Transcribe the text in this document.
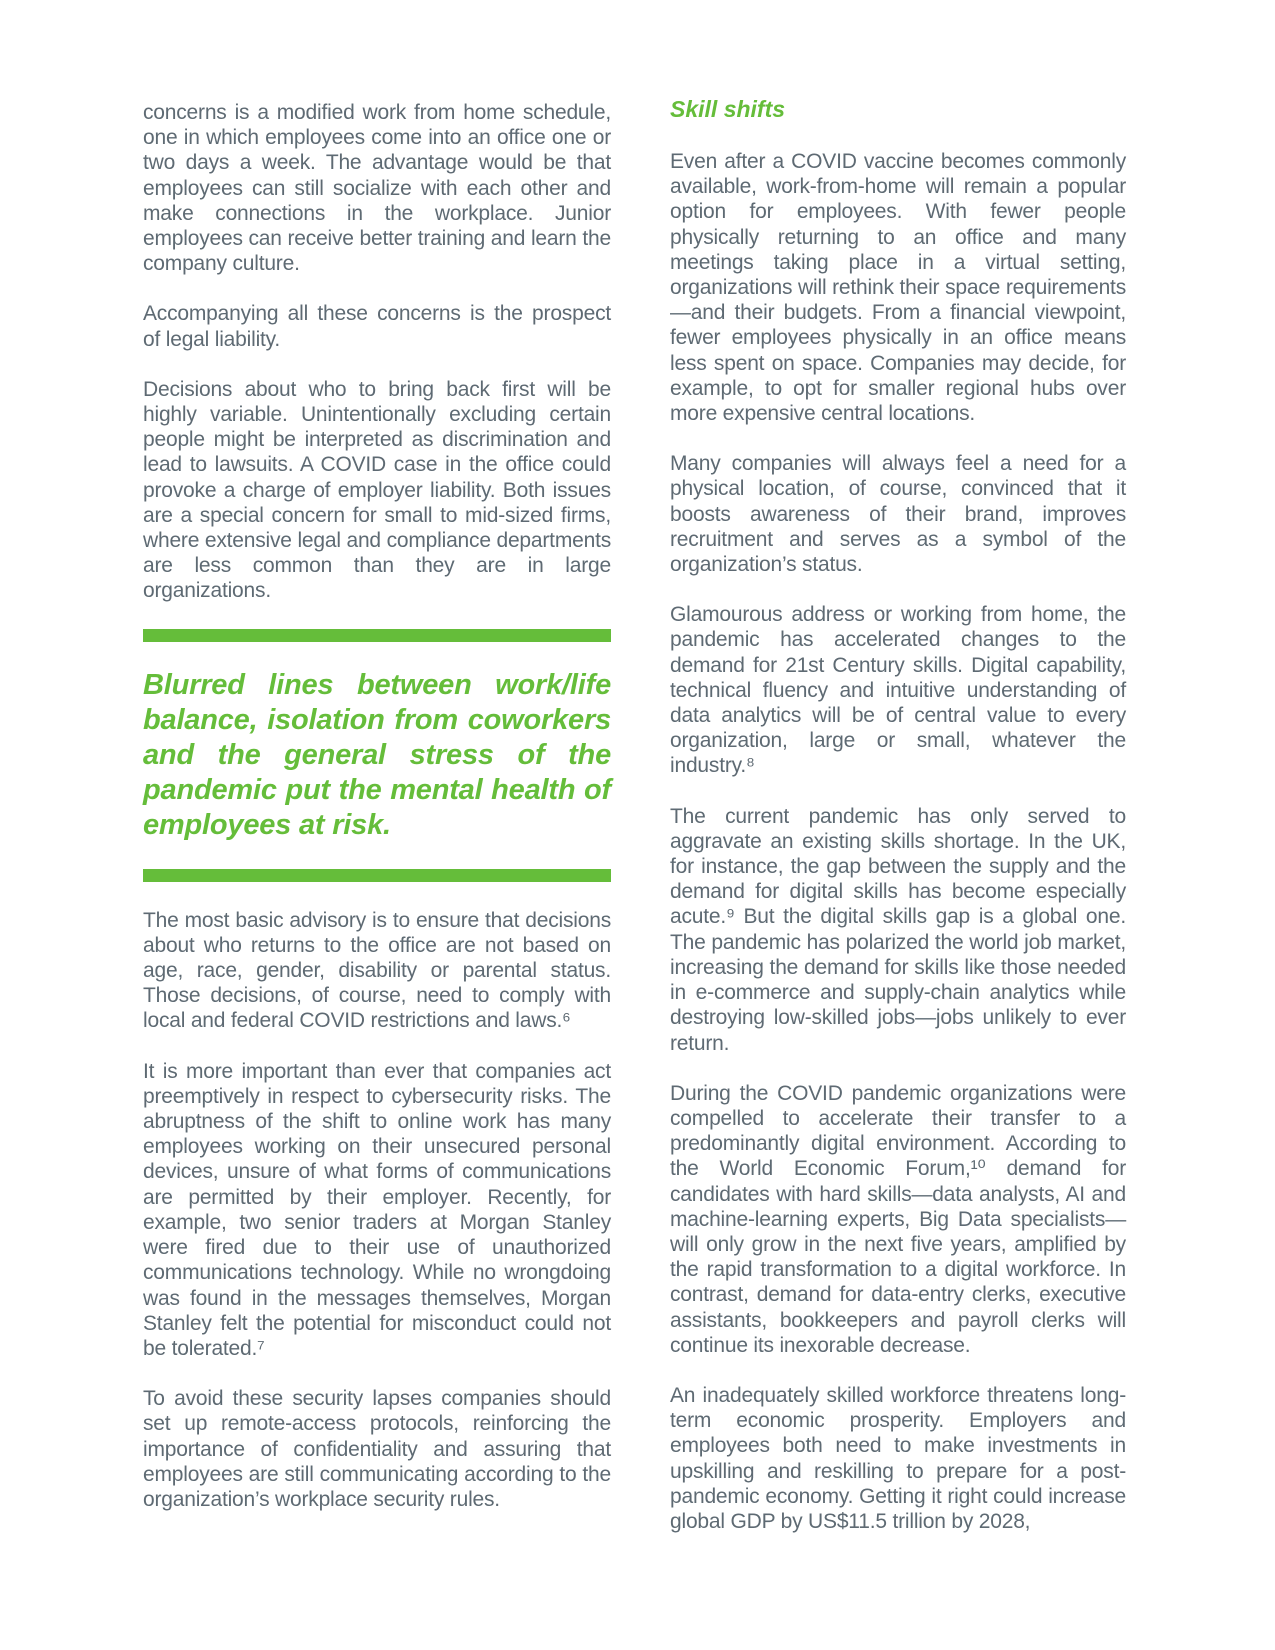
concerns is a modified work from home schedule, one in which employees come into an office one or two days a week. The advantage would be that employees can still socialize with each other and make connections in the workplace. Junior employees can receive better training and learn the company culture.

Accompanying all these concerns is the prospect of legal liability.

Decisions about who to bring back first will be highly variable. Unintentionally excluding certain people might be interpreted as discrimination and lead to lawsuits. A COVID case in the office could provoke a charge of employer liability. Both issues are a special concern for small to mid-sized firms, where extensive legal and compliance departments are less common than they are in large organizations.

Blurred lines between work/life balance, isolation from coworkers and the general stress of the pandemic put the mental health of employees at risk.

The most basic advisory is to ensure that decisions about who returns to the office are not based on age, race, gender, disability or parental status. Those decisions, of course, need to comply with local and federal COVID restrictions and laws.⁶

It is more important than ever that companies act preemptively in respect to cybersecurity risks. The abruptness of the shift to online work has many employees working on their unsecured personal devices, unsure of what forms of communications are permitted by their employer. Recently, for example, two senior traders at Morgan Stanley were fired due to their use of unauthorized communications technology. While no wrongdoing was found in the messages themselves, Morgan Stanley felt the potential for misconduct could not be tolerated.⁷

To avoid these security lapses companies should set up remote-access protocols, reinforcing the importance of confidentiality and assuring that employees are still communicating according to the organization’s workplace security rules.

Skill shifts

Even after a COVID vaccine becomes commonly available, work-from-home will remain a popular option for employees. With fewer people physically returning to an office and many meetings taking place in a virtual setting, organizations will rethink their space requirements—and their budgets. From a financial viewpoint, fewer employees physically in an office means less spent on space. Companies may decide, for example, to opt for smaller regional hubs over more expensive central locations.

Many companies will always feel a need for a physical location, of course, convinced that it boosts awareness of their brand, improves recruitment and serves as a symbol of the organization’s status.

Glamourous address or working from home, the pandemic has accelerated changes to the demand for 21st Century skills. Digital capability, technical fluency and intuitive understanding of data analytics will be of central value to every organization, large or small, whatever the industry.⁸

The current pandemic has only served to aggravate an existing skills shortage. In the UK, for instance, the gap between the supply and the demand for digital skills has become especially acute.⁹ But the digital skills gap is a global one. The pandemic has polarized the world job market, increasing the demand for skills like those needed in e-commerce and supply-chain analytics while destroying low-skilled jobs—jobs unlikely to ever return.

During the COVID pandemic organizations were compelled to accelerate their transfer to a predominantly digital environment. According to the World Economic Forum,¹⁰ demand for candidates with hard skills—data analysts, AI and machine-learning experts, Big Data specialists—will only grow in the next five years, amplified by the rapid transformation to a digital workforce. In contrast, demand for data-entry clerks, executive assistants, bookkeepers and payroll clerks will continue its inexorable decrease.

An inadequately skilled workforce threatens long-term economic prosperity. Employers and employees both need to make investments in upskilling and reskilling to prepare for a post-pandemic economy. Getting it right could increase global GDP by US$11.5 trillion by 2028,
